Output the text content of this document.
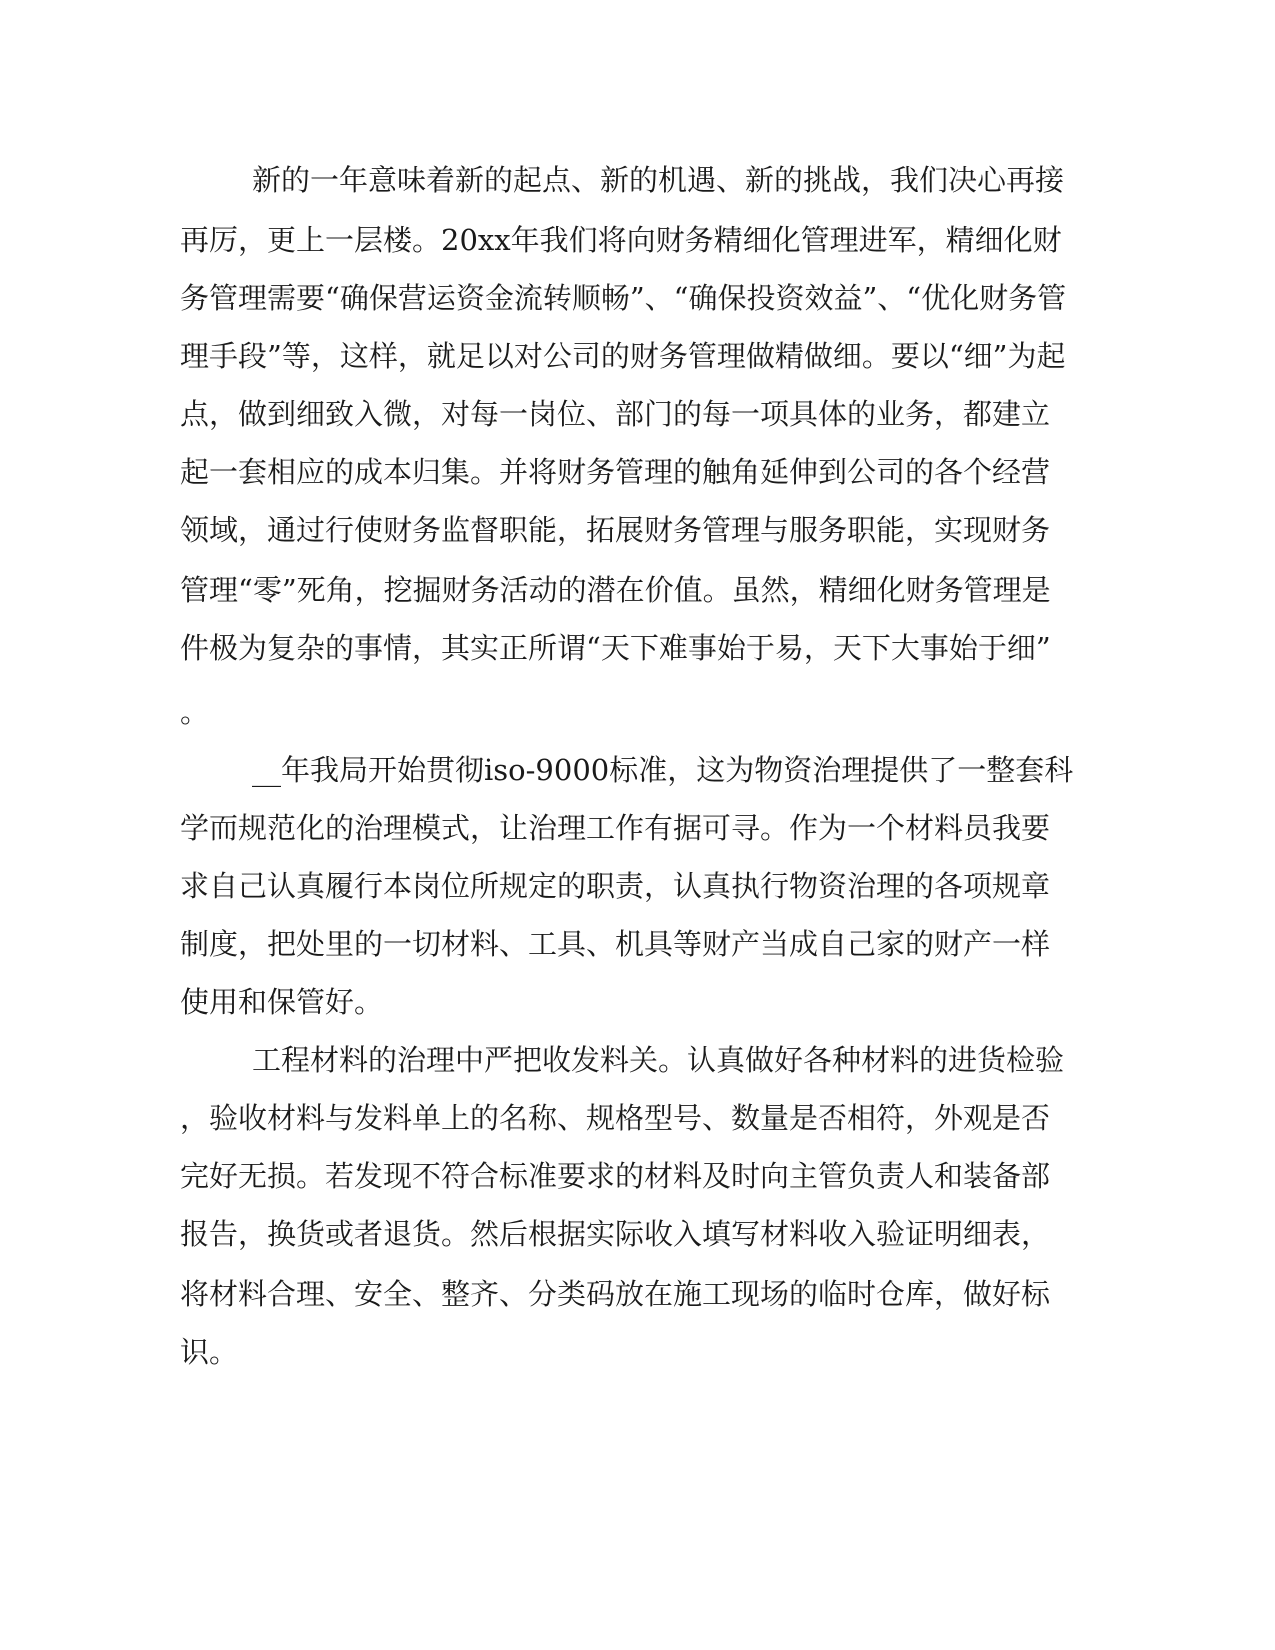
新的一年意味着新的起点、新的机遇、新的挑战，我们决心再接

再厉，更上一层楼。20xx年我们将向财务精细化管理进军，精细化财

务管理需要“确保营运资金流转顺畅”、“确保投资效益”、“优化财务管

理手段”等，这样，就足以对公司的财务管理做精做细。要以“细”为起

点，做到细致入微，对每一岗位、部门的每一项具体的业务，都建立

起一套相应的成本归集。并将财务管理的触角延伸到公司的各个经营

领域，通过行使财务监督职能，拓展财务管理与服务职能，实现财务

管理“零”死角，挖掘财务活动的潜在价值。虽然，精细化财务管理是

件极为复杂的事情，其实正所谓“天下难事始于易，天下大事始于细”

。

__年我局开始贯彻iso-9000标准，这为物资治理提供了一整套科

学而规范化的治理模式，让治理工作有据可寻。作为一个材料员我要

求自己认真履行本岗位所规定的职责，认真执行物资治理的各项规章

制度，把处里的一切材料、工具、机具等财产当成自己家的财产一样

使用和保管好。

工程材料的治理中严把收发料关。认真做好各种材料的进货检验

，验收材料与发料单上的名称、规格型号、数量是否相符，外观是否

完好无损。若发现不符合标准要求的材料及时向主管负责人和装备部

报告，换货或者退货。然后根据实际收入填写材料收入验证明细表，

将材料合理、安全、整齐、分类码放在施工现场的临时仓库，做好标

识。
